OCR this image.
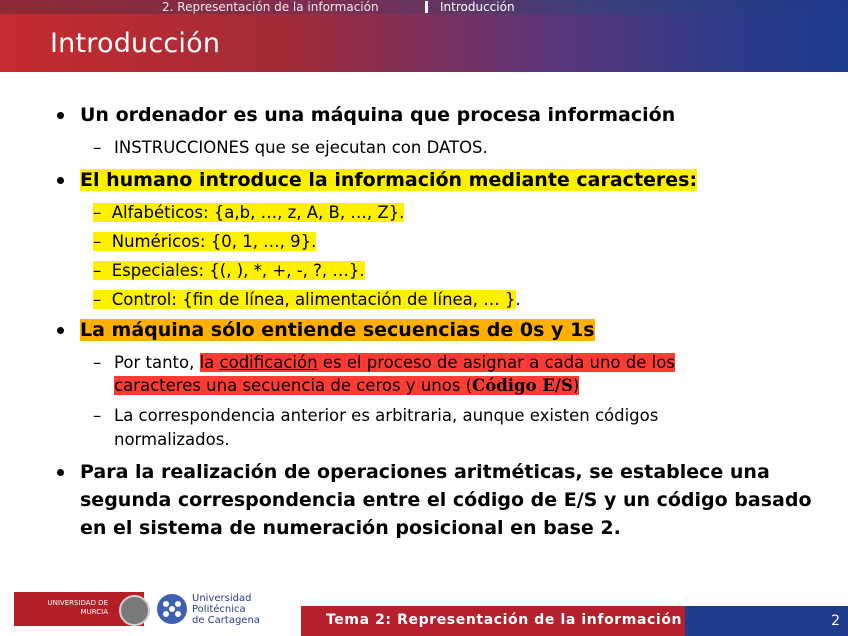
2. Representación de la información	Introducción
Introducción
Un ordenador es una máquina que procesa información
– INSTRUCCIONES que se ejecutan con DATOS.
El humano introduce la información mediante caracteres:
–  Alfabéticos: {a,b, …, z, A, B, …, Z}.
–  Numéricos: {0, 1, …, 9}.
–  Especiales: {(, ), *, +, -, ?, …}.
–  Control: {fin de línea, alimentación de línea, … }.
La máquina sólo entiende secuencias de 0s y 1s
– Por tanto, la codificación es el proceso de asignar a cada uno de los
caracteres una secuencia de ceros y unos (Código E/S)
– La correspondencia anterior es arbitraria, aunque existen códigos
normalizados.
Para la realización de operaciones aritméticas, se establece una
segunda correspondencia entre el código de E/S y un código basado
en el sistema de numeración posicional en base 2.
UNIVERSIDAD DE MURCIA
Universidad
Politécnica
de Cartagena	Tema 2: Representación de la información	2
